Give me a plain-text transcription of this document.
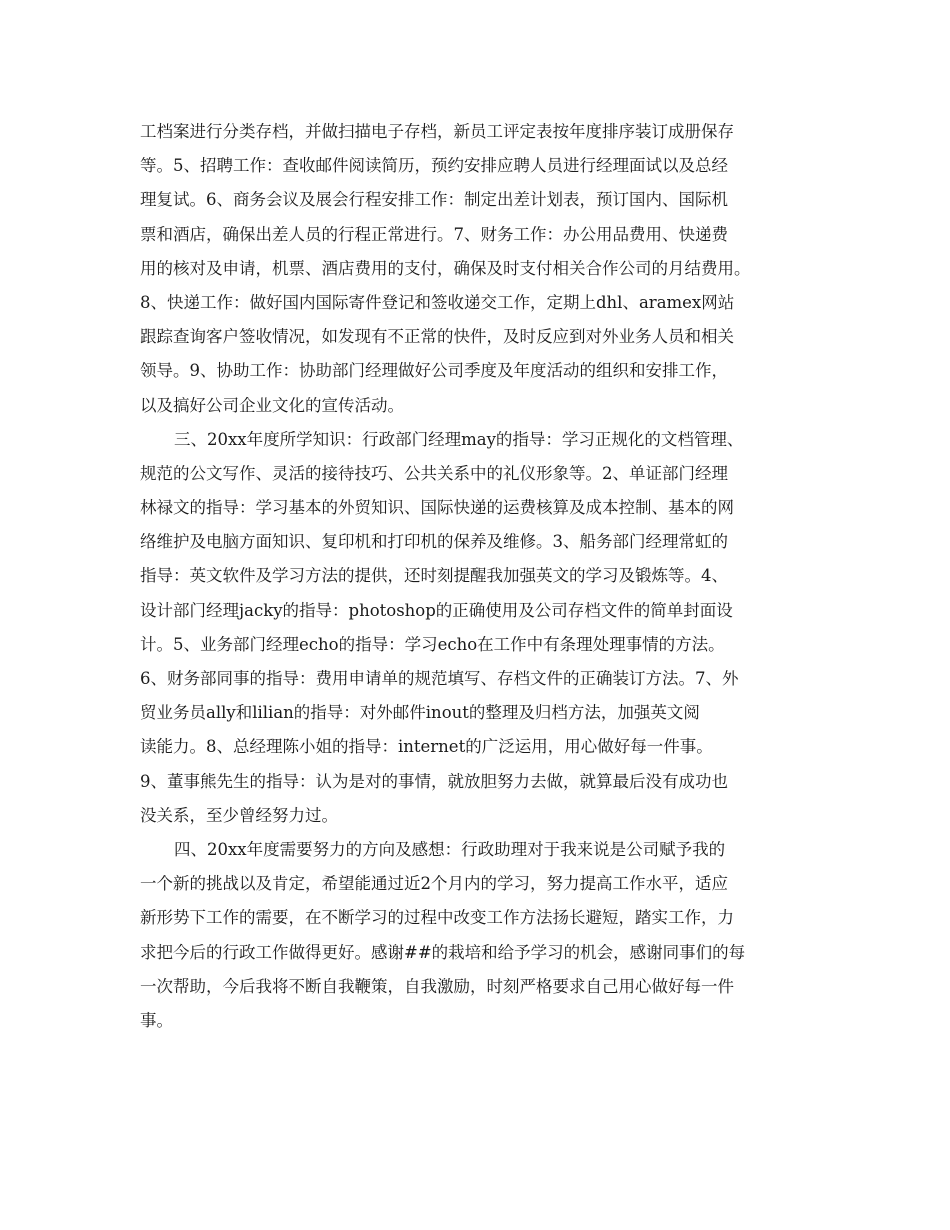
工档案进行分类存档，并做扫描电子存档，新员工评定表按年度排序装订成册保存
等。5、招聘工作：查收邮件阅读简历，预约安排应聘人员进行经理面试以及总经
理复试。6、商务会议及展会行程安排工作：制定出差计划表，预订国内、国际机
票和酒店，确保出差人员的行程正常进行。7、财务工作：办公用品费用、快递费
用的核对及申请，机票、酒店费用的支付，确保及时支付相关合作公司的月结费用。
8、快递工作：做好国内国际寄件登记和签收递交工作，定期上dhl、aramex网站
跟踪查询客户签收情况，如发现有不正常的快件，及时反应到对外业务人员和相关
领导。9、协助工作：协助部门经理做好公司季度及年度活动的组织和安排工作，
以及搞好公司企业文化的宣传活动。
三、20xx年度所学知识：行政部门经理may的指导：学习正规化的文档管理、
规范的公文写作、灵活的接待技巧、公共关系中的礼仪形象等。2、单证部门经理
林禄文的指导：学习基本的外贸知识、国际快递的运费核算及成本控制、基本的网
络维护及电脑方面知识、复印机和打印机的保养及维修。3、船务部门经理常虹的
指导：英文软件及学习方法的提供，还时刻提醒我加强英文的学习及锻炼等。4、
设计部门经理jacky的指导：photoshop的正确使用及公司存档文件的简单封面设
计。5、业务部门经理echo的指导：学习echo在工作中有条理处理事情的方法。
6、财务部同事的指导：费用申请单的规范填写、存档文件的正确装订方法。7、外
贸业务员ally和lilian的指导：对外邮件inout的整理及归档方法，加强英文阅
读能力。8、总经理陈小姐的指导：internet的广泛运用，用心做好每一件事。
9、董事熊先生的指导：认为是对的事情，就放胆努力去做，就算最后没有成功也
没关系，至少曾经努力过。
四、20xx年度需要努力的方向及感想：行政助理对于我来说是公司赋予我的
一个新的挑战以及肯定，希望能通过近2个月内的学习，努力提高工作水平，适应
新形势下工作的需要，在不断学习的过程中改变工作方法扬长避短，踏实工作，力
求把今后的行政工作做得更好。感谢##的栽培和给予学习的机会，感谢同事们的每
一次帮助，今后我将不断自我鞭策，自我激励，时刻严格要求自己用心做好每一件
事。
